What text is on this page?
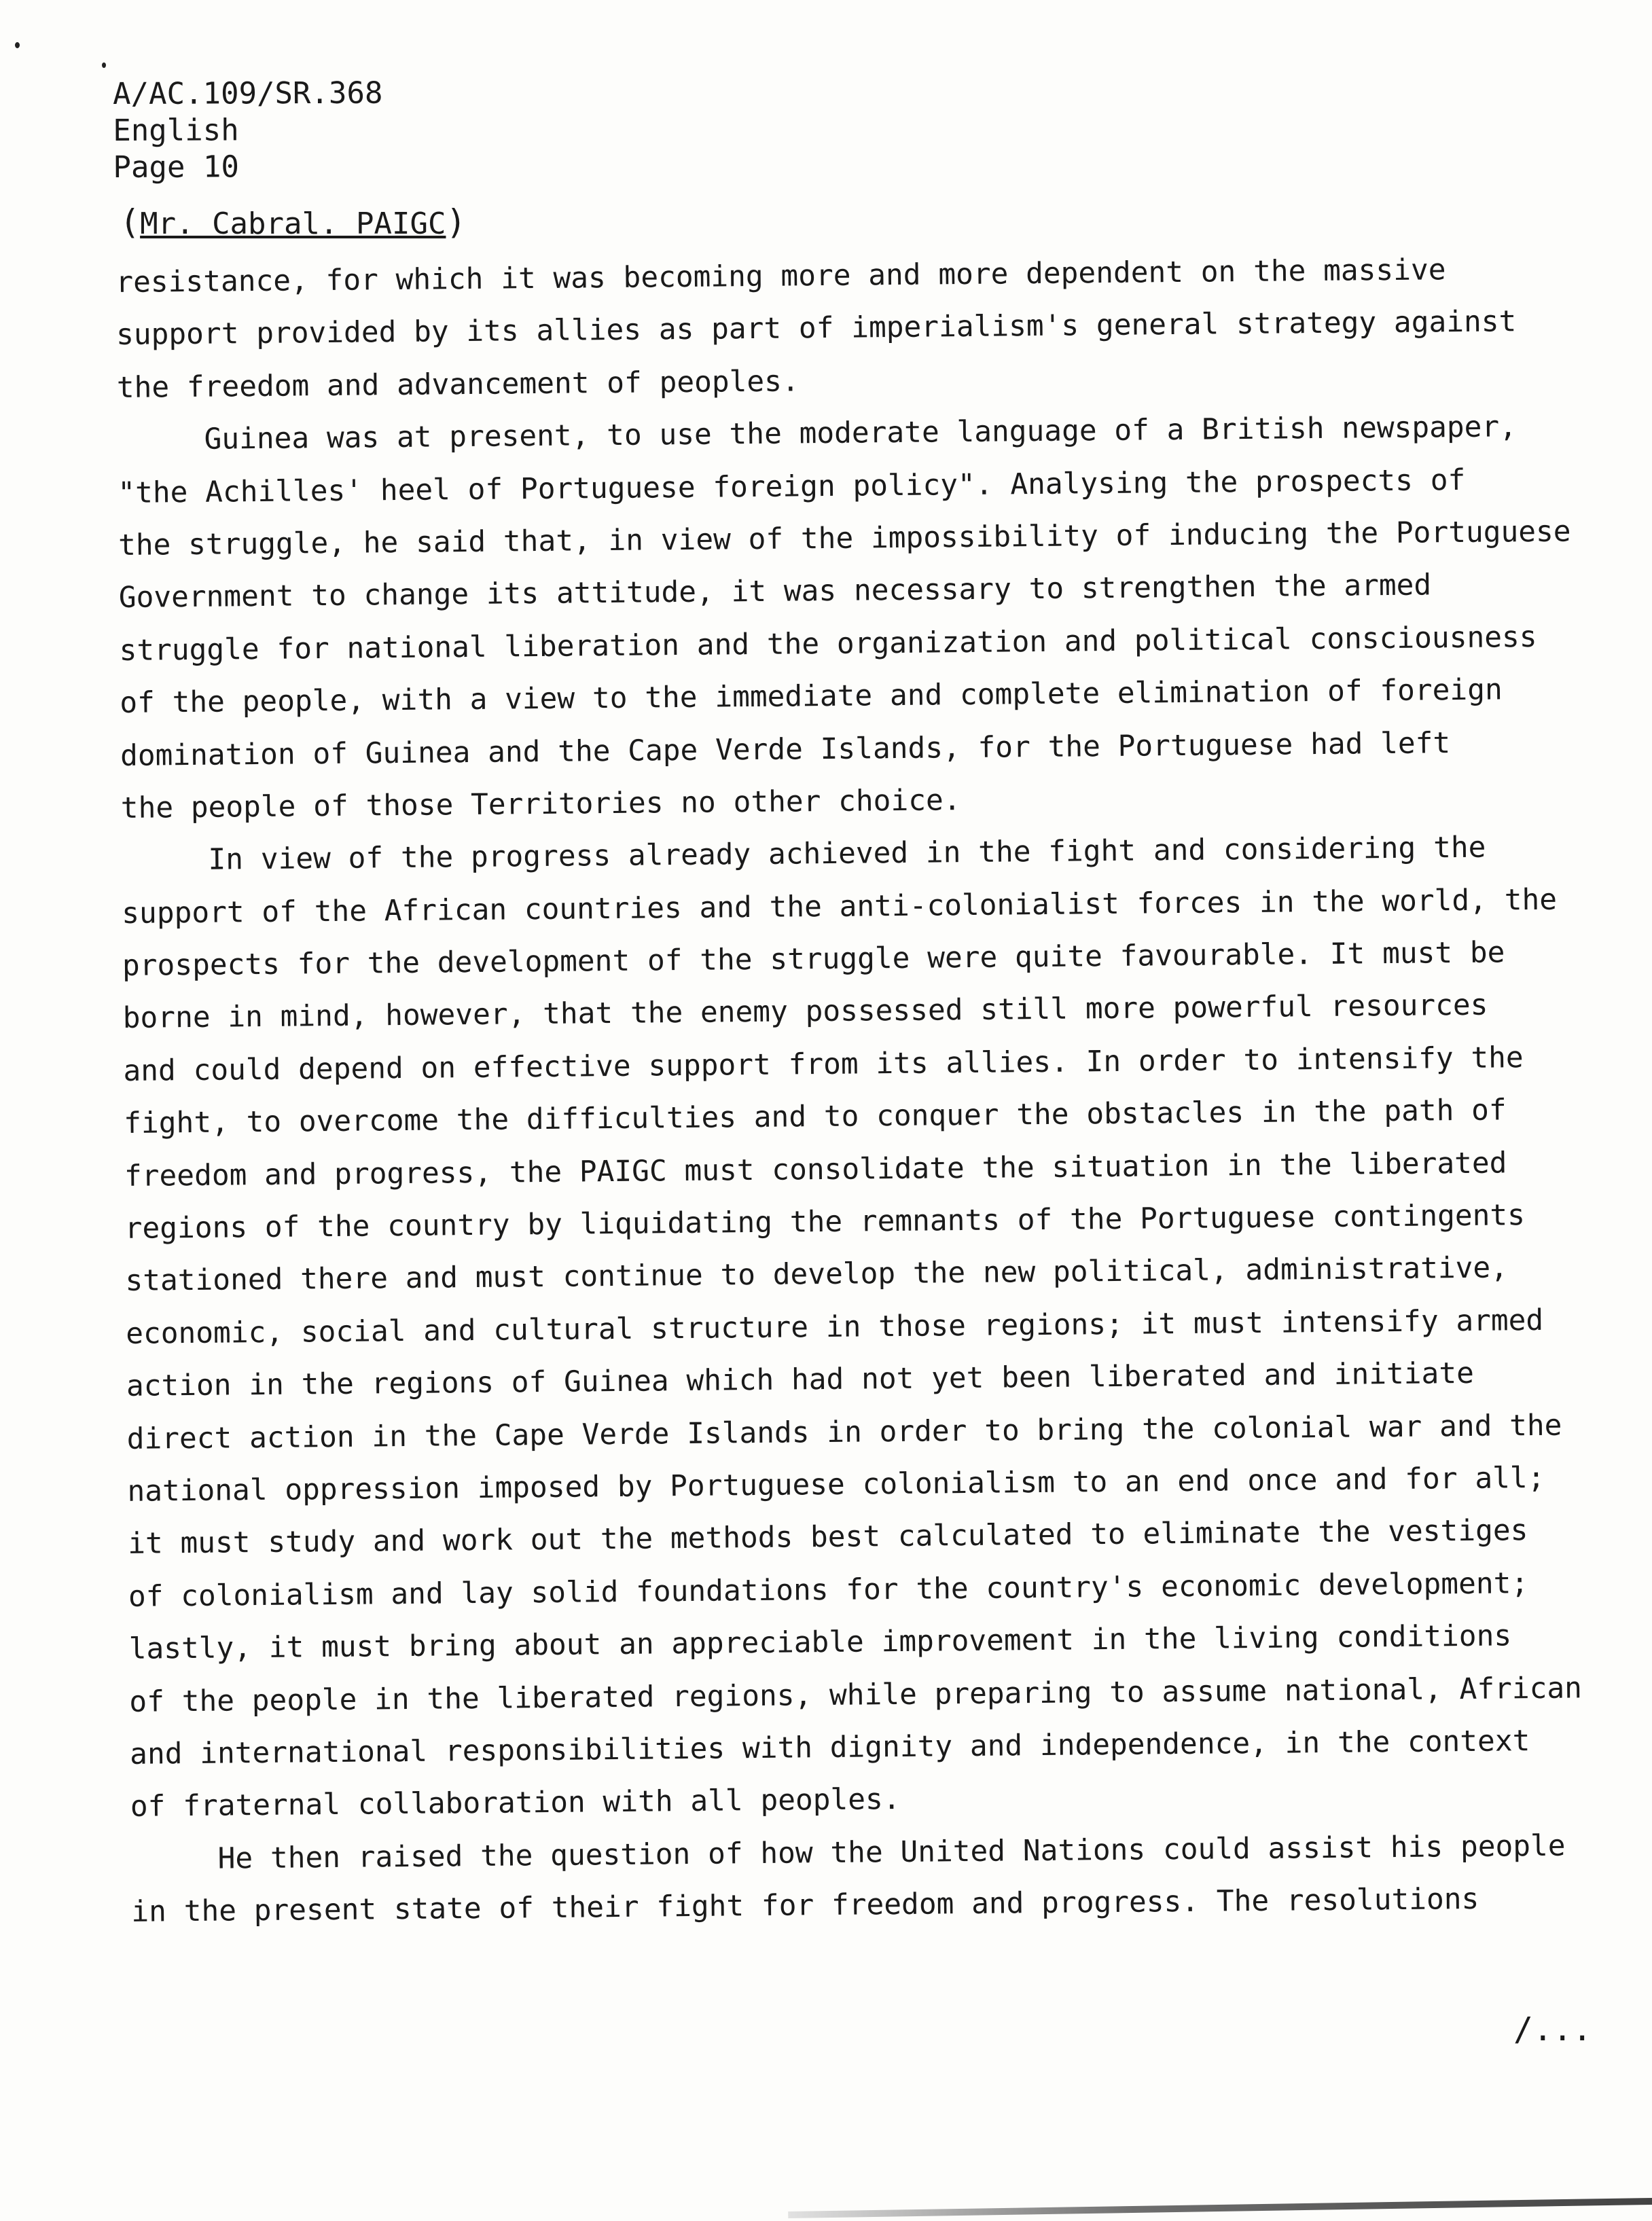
A/AC.109/SR.368
English
Page 10
(Mr. Cabral. PAIGC)
resistance, for which it was becoming more and more dependent on the massive
support provided by its allies as part of imperialism's general strategy against
the freedom and advancement of peoples.
Guinea was at present, to use the moderate language of a British newspaper,
"the Achilles' heel of Portuguese foreign policy". Analysing the prospects of
the struggle, he said that, in view of the impossibility of inducing the Portuguese
Government to change its attitude, it was necessary to strengthen the armed
struggle for national liberation and the organization and political consciousness
of the people, with a view to the immediate and complete elimination of foreign
domination of Guinea and the Cape Verde Islands, for the Portuguese had left
the people of those Territories no other choice.
In view of the progress already achieved in the fight and considering the
support of the African countries and the anti-colonialist forces in the world, the
prospects for the development of the struggle were quite favourable. It must be
borne in mind, however, that the enemy possessed still more powerful resources
and could depend on effective support from its allies. In order to intensify the
fight, to overcome the difficulties and to conquer the obstacles in the path of
freedom and progress, the PAIGC must consolidate the situation in the liberated
regions of the country by liquidating the remnants of the Portuguese contingents
stationed there and must continue to develop the new political, administrative,
economic, social and cultural structure in those regions; it must intensify armed
action in the regions of Guinea which had not yet been liberated and initiate
direct action in the Cape Verde Islands in order to bring the colonial war and the
national oppression imposed by Portuguese colonialism to an end once and for all;
it must study and work out the methods best calculated to eliminate the vestiges
of colonialism and lay solid foundations for the country's economic development;
lastly, it must bring about an appreciable improvement in the living conditions
of the people in the liberated regions, while preparing to assume national, African
and international responsibilities with dignity and independence, in the context
of fraternal collaboration with all peoples.
He then raised the question of how the United Nations could assist his people
in the present state of their fight for freedom and progress. The resolutions
/...
